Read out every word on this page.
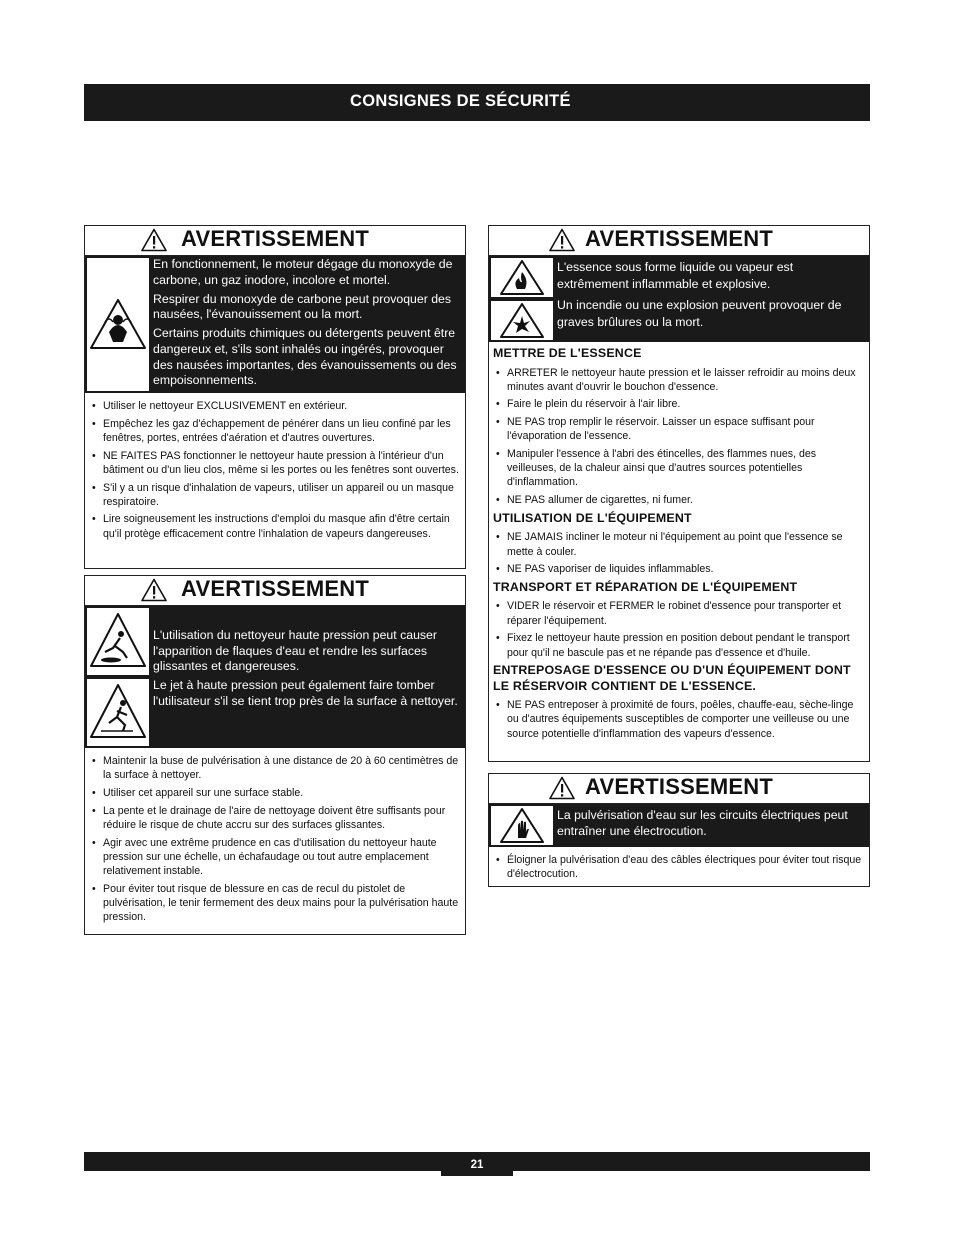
CONSIGNES DE SÉCURITÉ
AVERTISSEMENT

En fonctionnement, le moteur dégage du monoxyde de carbone, un gaz inodore, incolore et mortel.

Respirer du monoxyde de carbone peut provoquer des nausées, l'évanouissement ou la mort.

Certains produits chimiques ou détergents peuvent être dangereux et, s'ils sont inhalés ou ingérés, provoquer des nausées importantes, des évanouissements ou des empoisonnements.

• Utiliser le nettoyeur EXCLUSIVEMENT en extérieur.
• Empêchez les gaz d'échappement de pénérer dans un lieu confiné par les fenêtres, portes, entrées d'aération et d'autres ouvertures.
• NE FAITES PAS fonctionner le nettoyeur haute pression à l'intérieur d'un bâtiment ou d'un lieu clos, même si les portes ou les fenêtres sont ouvertes.
• S'il y a un risque d'inhalation de vapeurs, utiliser un appareil ou un masque respiratoire.
• Lire soigneusement les instructions d'emploi du masque afin d'être certain qu'il protège efficacement contre l'inhalation de vapeurs dangereuses.
AVERTISSEMENT

L'utilisation du nettoyeur haute pression peut causer l'apparition de flaques d'eau et rendre les surfaces glissantes et dangereuses.

Le jet à haute pression peut également faire tomber l'utilisateur s'il se tient trop près de la surface à nettoyer.

• Maintenir la buse de pulvérisation à une distance de 20 à 60 centimètres de la surface à nettoyer.
• Utiliser cet appareil sur une surface stable.
• La pente et le drainage de l'aire de nettoyage doivent être suffisants pour réduire le risque de chute accru sur des surfaces glissantes.
• Agir avec une extrême prudence en cas d'utilisation du nettoyeur haute pression sur une échelle, un échafaudage ou tout autre emplacement relativement instable.
• Pour éviter tout risque de blessure en cas de recul du pistolet de pulvérisation, le tenir fermement des deux mains pour la pulvérisation haute pression.
AVERTISSEMENT

L'essence sous forme liquide ou vapeur est extrêmement inflammable et explosive.

Un incendie ou une explosion peuvent provoquer de graves brûlures ou la mort.

METTRE DE L'ESSENCE
• ARRETER le nettoyeur haute pression et le laisser refroidir au moins deux minutes avant d'ouvrir le bouchon d'essence.
• Faire le plein du réservoir à l'air libre.
• NE PAS trop remplir le réservoir. Laisser un espace suffisant pour l'évaporation de l'essence.
• Manipuler l'essence à l'abri des étincelles, des flammes nues, des veilleuses, de la chaleur ainsi que d'autres sources potentielles d'inflammation.
• NE PAS allumer de cigarettes, ni fumer.
UTILISATION DE L'ÉQUIPEMENT
• NE JAMAIS incliner le moteur ni l'équipement au point que l'essence se mette à couler.
• NE PAS vaporiser de liquides inflammables.
TRANSPORT ET RÉPARATION DE L'ÉQUIPEMENT
• VIDER le réservoir et FERMER le robinet d'essence pour transporter et réparer l'équipement.
• Fixez le nettoyeur haute pression en position debout pendant le transport pour qu'il ne bascule pas et ne répande pas d'essence et d'huile.
ENTREPOSAGE D'ESSENCE OU D'UN ÉQUIPEMENT DONT LE RÉSERVOIR CONTIENT DE L'ESSENCE.
• NE PAS entreposer à proximité de fours, poêles, chauffe-eau, sèche-linge ou d'autres équipements susceptibles de comporter une veilleuse ou une source potentielle d'inflammation des vapeurs d'essence.
AVERTISSEMENT

La pulvérisation d'eau sur les circuits électriques peut entraîner une électrocution.

• Éloigner la pulvérisation d'eau des câbles électriques pour éviter tout risque d'électrocution.
21
